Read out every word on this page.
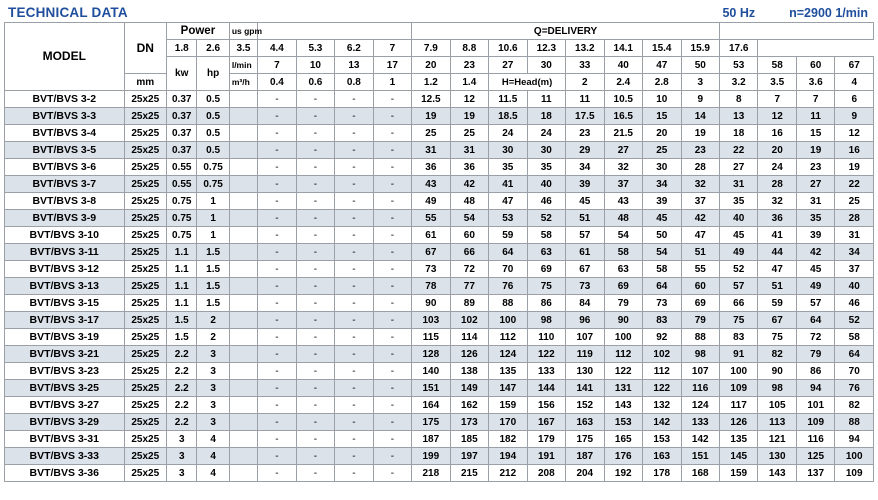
TECHNICAL DATA	50 Hz	n=2900 1/min
MODEL	DN	Power		us gpm					Q=DELIVERY											
		1.8	2.6	3.5	4.4	5.3	6.2	7	7.9	8.8	10.6	12.3	13.2	14.1	15.4	15.9	17.6			
		kw	hp	l/min	7	10	13	17	20	23	27	30	33	40	47	50	53	58	60	67
	mm			m³/h	0.4	0.6	0.8	1	1.2	1.4	H=Head(m)		2	2.4	2.8	3	3.2	3.5	3.6	4
BVT/BVS 3-2	25x25	0.37	0.5		-	-	-	-	12.5	12	11.5	11	11	10.5	10	9	8	7	7	6
BVT/BVS 3-3	25x25	0.37	0.5		-	-	-	-	19	19	18.5	18	17.5	16.5	15	14	13	12	11	9
BVT/BVS 3-4	25x25	0.37	0.5		-	-	-	-	25	25	24	24	23	21.5	20	19	18	16	15	12
BVT/BVS 3-5	25x25	0.37	0.5		-	-	-	-	31	31	30	30	29	27	25	23	22	20	19	16
BVT/BVS 3-6	25x25	0.55	0.75		-	-	-	-	36	36	35	35	34	32	30	28	27	24	23	19
BVT/BVS 3-7	25x25	0.55	0.75		-	-	-	-	43	42	41	40	39	37	34	32	31	28	27	22
BVT/BVS 3-8	25x25	0.75	1		-	-	-	-	49	48	47	46	45	43	39	37	35	32	31	25
BVT/BVS 3-9	25x25	0.75	1		-	-	-	-	55	54	53	52	51	48	45	42	40	36	35	28
BVT/BVS 3-10	25x25	0.75	1		-	-	-	-	61	60	59	58	57	54	50	47	45	41	39	31
BVT/BVS 3-11	25x25	1.1	1.5		-	-	-	-	67	66	64	63	61	58	54	51	49	44	42	34
BVT/BVS 3-12	25x25	1.1	1.5		-	-	-	-	73	72	70	69	67	63	58	55	52	47	45	37
BVT/BVS 3-13	25x25	1.1	1.5		-	-	-	-	78	77	76	75	73	69	64	60	57	51	49	40
BVT/BVS 3-15	25x25	1.1	1.5		-	-	-	-	90	89	88	86	84	79	73	69	66	59	57	46
BVT/BVS 3-17	25x25	1.5	2		-	-	-	-	103	102	100	98	96	90	83	79	75	67	64	52
BVT/BVS 3-19	25x25	1.5	2		-	-	-	-	115	114	112	110	107	100	92	88	83	75	72	58
BVT/BVS 3-21	25x25	2.2	3		-	-	-	-	128	126	124	122	119	112	102	98	91	82	79	64
BVT/BVS 3-23	25x25	2.2	3		-	-	-	-	140	138	135	133	130	122	112	107	100	90	86	70
BVT/BVS 3-25	25x25	2.2	3		-	-	-	-	151	149	147	144	141	131	122	116	109	98	94	76
BVT/BVS 3-27	25x25	2.2	3		-	-	-	-	164	162	159	156	152	143	132	124	117	105	101	82
BVT/BVS 3-29	25x25	2.2	3		-	-	-	-	175	173	170	167	163	153	142	133	126	113	109	88
BVT/BVS 3-31	25x25	3	4		-	-	-	-	187	185	182	179	175	165	153	142	135	121	116	94
BVT/BVS 3-33	25x25	3	4		-	-	-	-	199	197	194	191	187	176	163	151	145	130	125	100
BVT/BVS 3-36	25x25	3	4		-	-	-	-	218	215	212	208	204	192	178	168	159	143	137	109
